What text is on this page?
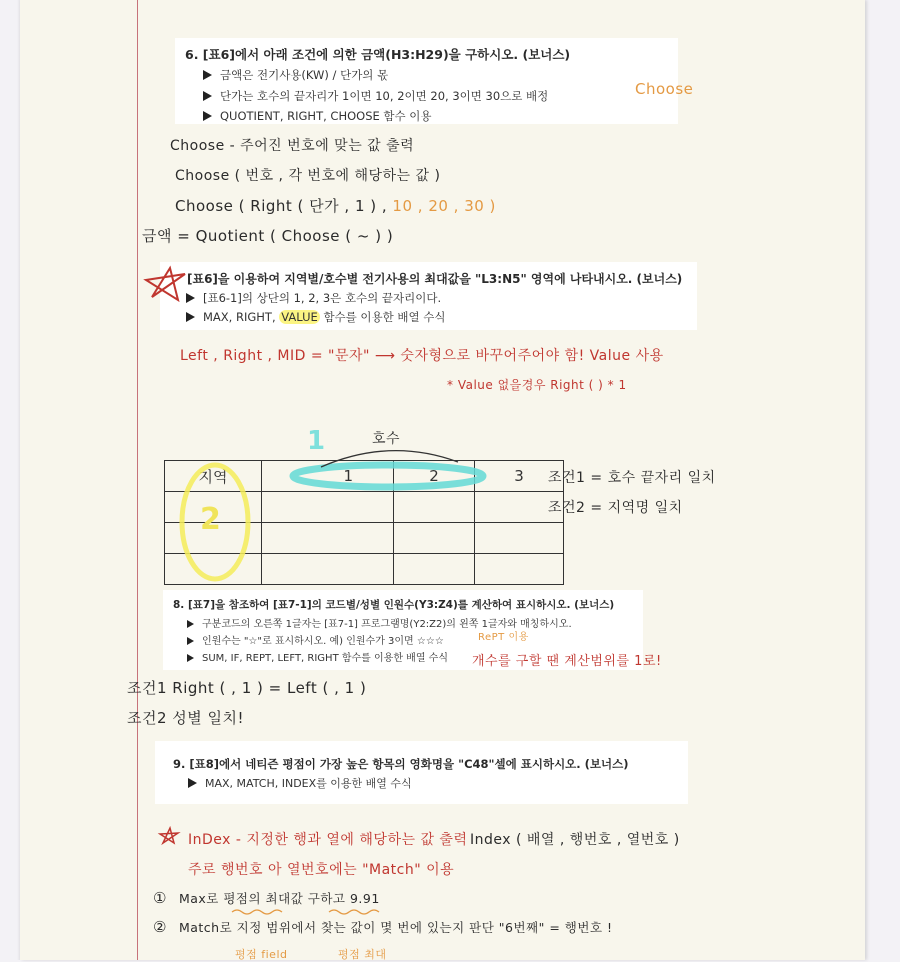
6. [표6]에서 아래 조건에 의한 금액(H3:H29)을 구하시오. (보너스)
금액은 전기사용(KW) / 단가의 몫
단가는 호수의 끝자리가 1이면 10, 2이면 20, 3이면 30으로 배정
QUOTIENT, RIGHT, CHOOSE 함수 이용
Choose
Choose - 주어진 번호에 맞는 값 출력
Choose ( 번호 , 각 번호에 해당하는 값 )
Choose ( Right ( 단가 , 1 ) , 10 , 20 , 30 )
금액 = Quotient ( Choose ( ~ ) )
[표6]을 이용하여 지역별/호수별 전기사용의 최대값을 "L3:N5" 영역에 나타내시오. (보너스)
[표6-1]의 상단의 1, 2, 3은 호수의 끝자리이다.
MAX, RIGHT, VALUE 함수를 이용한 배열 수식
Left , Right , MID = "문자" ⟶ 숫자형으로 바꾸어주어야 함! Value 사용
* Value 없을경우 Right ( ) * 1
호수
1
지역	1	2	3

2
조건1 = 호수 끝자리 일치
조건2 = 지역명 일치
8. [표7]을 참조하여 [표7-1]의 코드별/성별 인원수(Y3:Z4)를 계산하여 표시하시오. (보너스)
구분코드의 오른쪽 1글자는 [표7-1] 프로그램명(Y2:Z2)의 왼쪽 1글자와 매칭하시오.
인원수는 "☆"로 표시하시오. 예) 인원수가 3이면 ☆☆☆
SUM, IF, REPT, LEFT, RIGHT 함수를 이용한 배열 수식
RePT 이용
개수를 구할 땐 계산범위를 1로!
조건1 Right ( , 1 ) = Left ( , 1 )
조건2 성별 일치!
9. [표8]에서 네티즌 평점이 가장 높은 항목의 영화명을 "C48"셀에 표시하시오. (보너스)
MAX, MATCH, INDEX를 이용한 배열 수식
InDex - 지정한 행과 열에 해당하는 값 출력 Index ( 배열 , 행번호 , 열번호 )
주로 행번호 아 열번호에는 "Match" 이용
① Max로 평점의 최대값 구하고 9.91
② Match로 지정 범위에서 찾는 값이 몇 번에 있는지 판단 "6번째" = 행번호 !
평점 field	평점 최대
